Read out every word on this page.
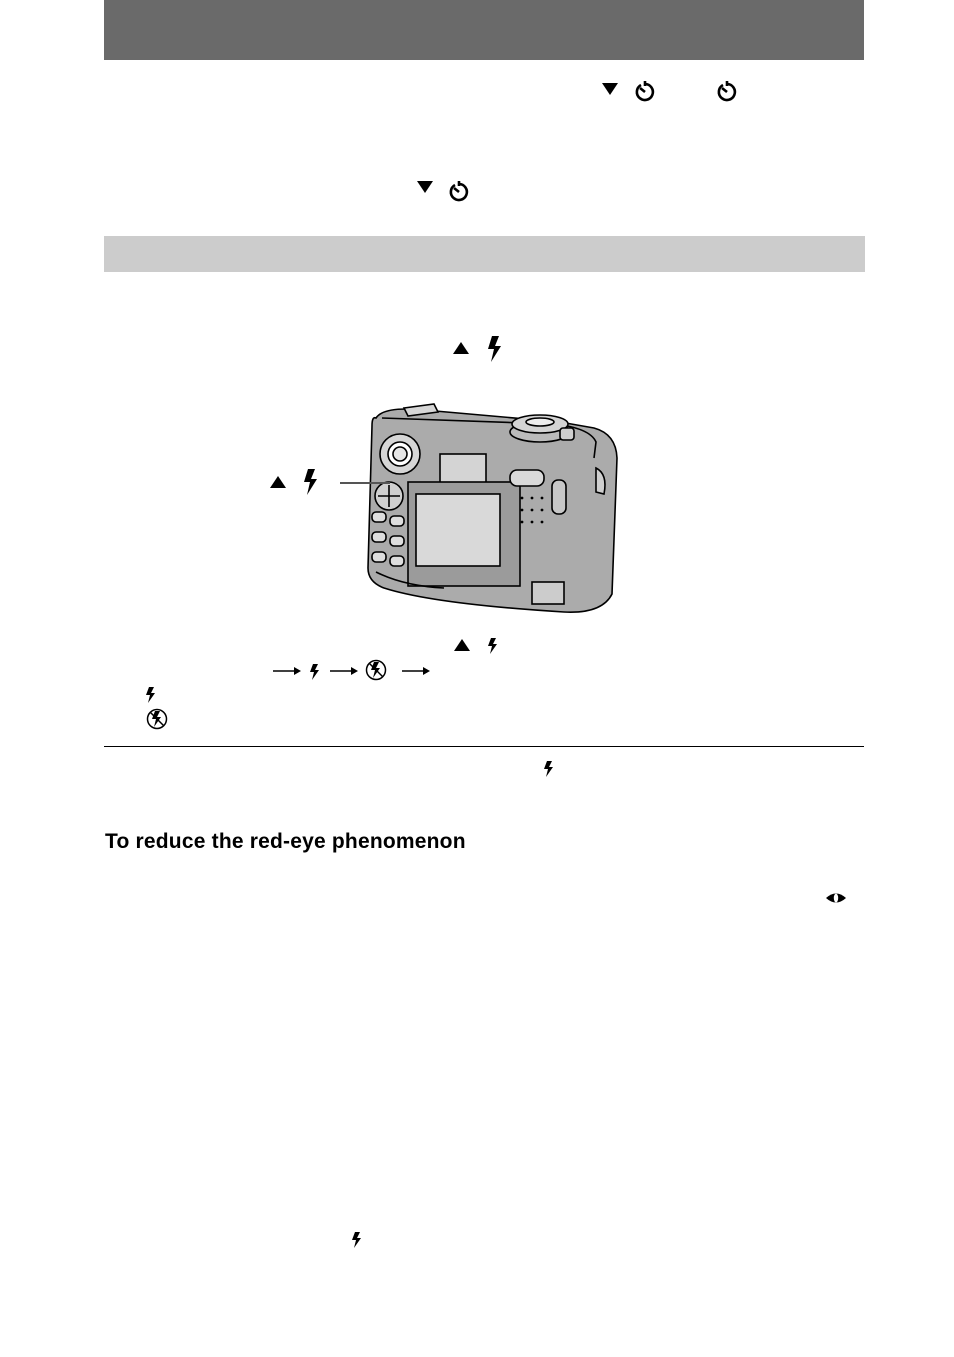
To reduce the red-eye phenomenon
